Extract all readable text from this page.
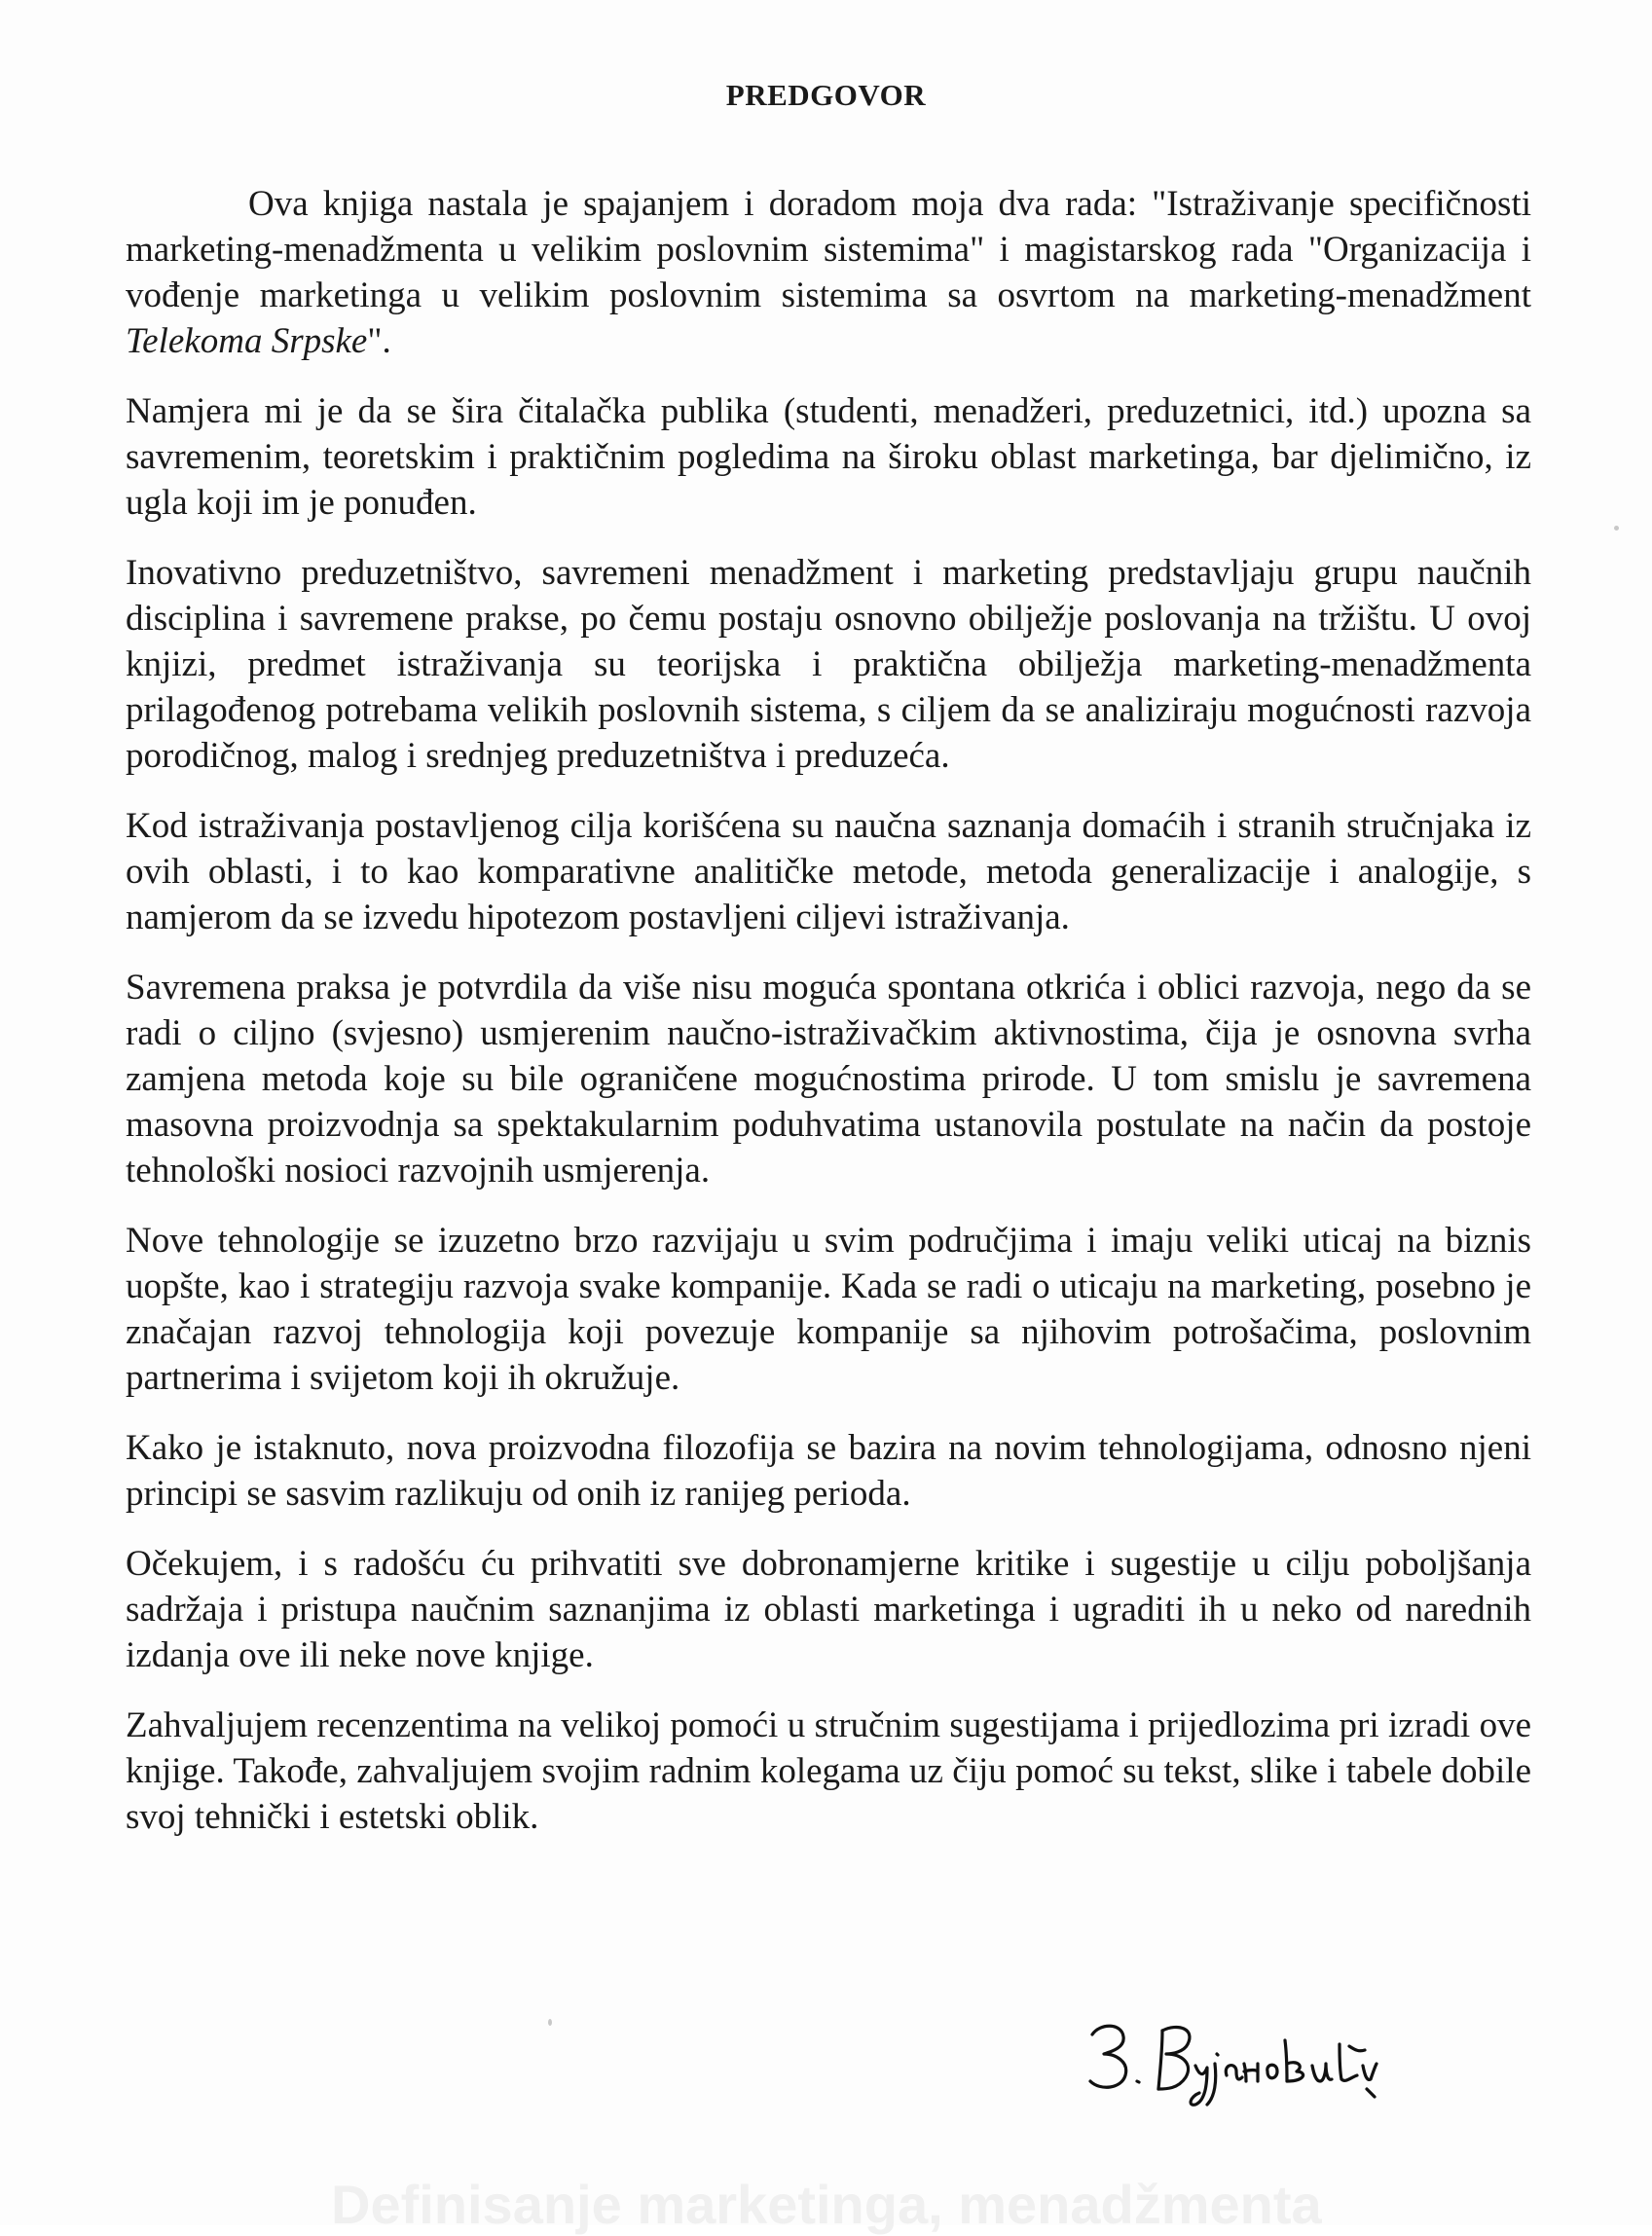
PREDGOVOR

Ova knjiga nastala je spajanjem i doradom moja dva rada: "Istraživanje specifičnosti marketing-menadžmenta u velikim poslovnim sistemima" i magistarskog rada "Organizacija i vođenje marketinga u velikim poslovnim sistemima sa osvrtom na marketing-menadžment Telekoma Srpske".

Namjera mi je da se šira čitalačka publika (studenti, menadžeri, preduzetnici, itd.) upozna sa savremenim, teoretskim i praktičnim pogledima na široku oblast marketinga, bar djelimično, iz ugla koji im je ponuđen.

Inovativno preduzetništvo, savremeni menadžment i marketing predstavljaju grupu naučnih disciplina i savremene prakse, po čemu postaju osnovno obilježje poslovanja na tržištu. U ovoj knjizi, predmet istraživanja su teorijska i praktična obilježja marketing-menadžmenta prilagođenog potrebama velikih poslovnih sistema, s ciljem da se analiziraju mogućnosti razvoja porodičnog, malog i srednjeg preduzetništva i preduzeća.

Kod istraživanja postavljenog cilja korišćena su naučna saznanja domaćih i stranih stručnjaka iz ovih oblasti, i to kao komparativne analitičke metode, metoda generalizacije i analogije, s namjerom da se izvedu hipotezom postavljeni ciljevi istraživanja.

Savremena praksa je potvrdila da više nisu moguća spontana otkrića i oblici razvoja, nego da se radi o ciljno (svjesno) usmjerenim naučno-istraživačkim aktivnostima, čija je osnovna svrha zamjena metoda koje su bile ograničene mogućnostima prirode. U tom smislu je savremena masovna proizvodnja sa spektakularnim poduhvatima ustanovila postulate na način da postoje tehnološki nosioci razvojnih usmjerenja.

Nove tehnologije se izuzetno brzo razvijaju u svim područjima i imaju veliki uticaj na biznis uopšte, kao i strategiju razvoja svake kompanije. Kada se radi o uticaju na marketing, posebno je značajan razvoj tehnologija koji povezuje kompanije sa njihovim potrošačima, poslovnim partnerima i svijetom koji ih okružuje.

Kako je istaknuto, nova proizvodna filozofija se bazira na novim tehnologijama, odnosno njeni principi se sasvim razlikuju od onih iz ranijeg perioda.

Očekujem, i s radošću ću prihvatiti sve dobronamjerne kritike i sugestije u cilju poboljšanja sadržaja i pristupa naučnim saznanjima iz oblasti marketinga i ugraditi ih u neko od narednih izdanja ove ili neke nove knjige.

Zahvaljujem recenzentima na velikoj pomoći u stručnim sugestijama i prijedlozima pri izradi ove knjige. Takođe, zahvaljujem svojim radnim kolegama uz čiju pomoć su tekst, slike i tabele dobile svoj tehnički i estetski oblik.

Definisanje marketinga, menadžmenta
